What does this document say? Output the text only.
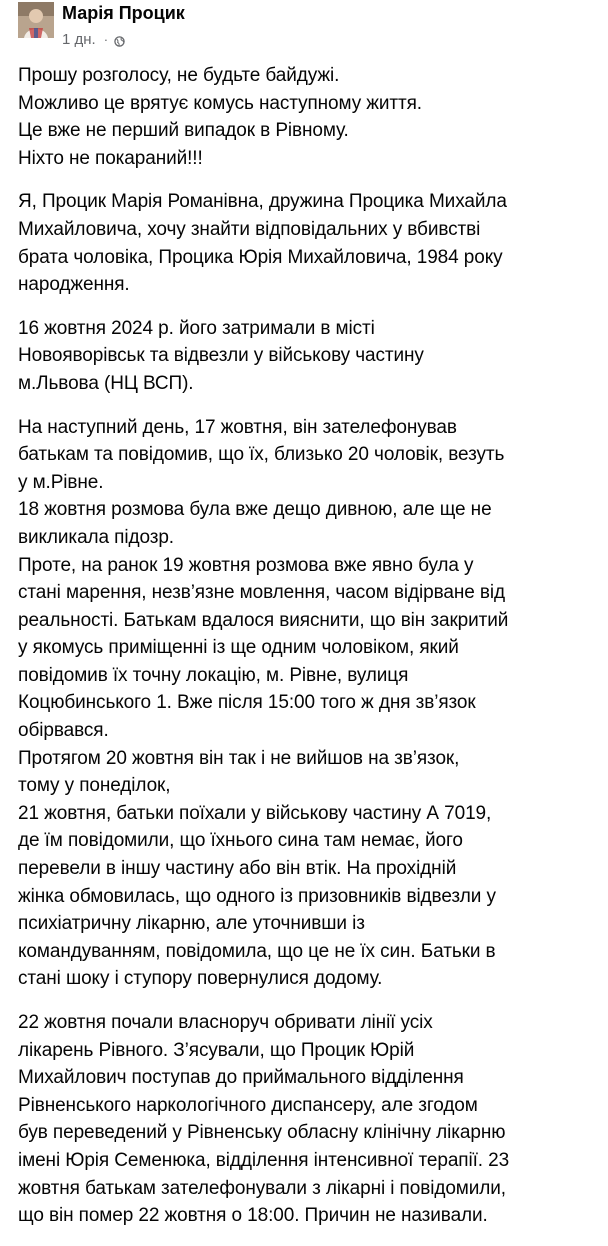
Марія Процик
1 дн. ·
Прошу розголосу, не будьте байдужі.
Можливо це врятує комусь наступному життя.
Це вже не перший випадок в Рівному.
Ніхто не покараний!!!
Я, Процик Марія Романівна, дружина Процика Михайла
Михайловича, хочу знайти відповідальних у вбивстві
брата чоловіка, Процика Юрія Михайловича, 1984 року
народження.
16 жовтня 2024 р. його затримали в місті
Новояворівськ та відвезли у військову частину
м.Львова (НЦ ВСП).
На наступний день, 17 жовтня, він зателефонував
батькам та повідомив, що їх, близько 20 чоловік, везуть
у м.Рівне.
18 жовтня розмова була вже дещо дивною, але ще не
викликала підозр.
Проте, на ранок 19 жовтня розмова вже явно була у
стані марення, незв’язне мовлення, часом відірване від
реальності. Батькам вдалося вияснити, що він закритий
у якомусь приміщенні із ще одним чоловіком, який
повідомив їх точну локацію, м. Рівне, вулиця
Коцюбинського 1. Вже після 15:00 того ж дня зв’язок
обірвався.
Протягом 20 жовтня він так і не вийшов на зв’язок,
тому у понеділок,
21 жовтня, батьки поїхали у військову частину А 7019,
де їм повідомили, що їхнього сина там немає, його
перевели в іншу частину або він втік. На прохідній
жінка обмовилась, що одного із призовників відвезли у
психіатричну лікарню, але уточнивши із
командуванням, повідомила, що це не їх син. Батьки в
стані шоку і ступору повернулися додому.
22 жовтня почали власноруч обривати лінії усіх
лікарень Рівного. З’ясували, що Процик Юрій
Михайлович поступав до приймального відділення
Рівненського наркологічного диспансеру, але згодом
був переведений у Рівненську обласну клінічну лікарню
імені Юрія Семенюка, відділення інтенсивної терапії. 23
жовтня батькам зателефонували з лікарні і повідомили,
що він помер 22 жовтня о 18:00. Причин не називали.
